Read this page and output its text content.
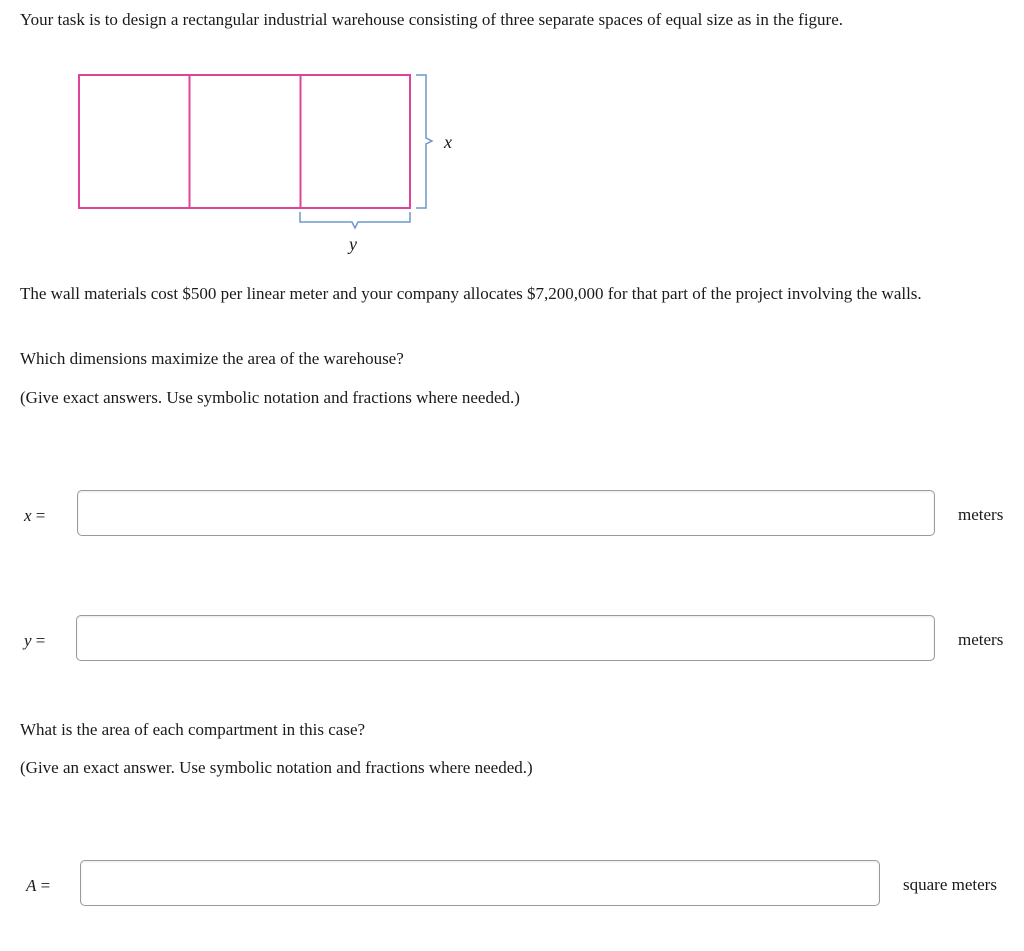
Your task is to design a rectangular industrial warehouse consisting of three separate spaces of equal size as in the figure.

x
y

The wall materials cost $500 per linear meter and your company allocates $7,200,000 for that part of the project involving the walls.

Which dimensions maximize the area of the warehouse?

(Give exact answers. Use symbolic notation and fractions where needed.)

x =	meters
y =	meters

What is the area of each compartment in this case?

(Give an exact answer. Use symbolic notation and fractions where needed.)

A =	square meters
